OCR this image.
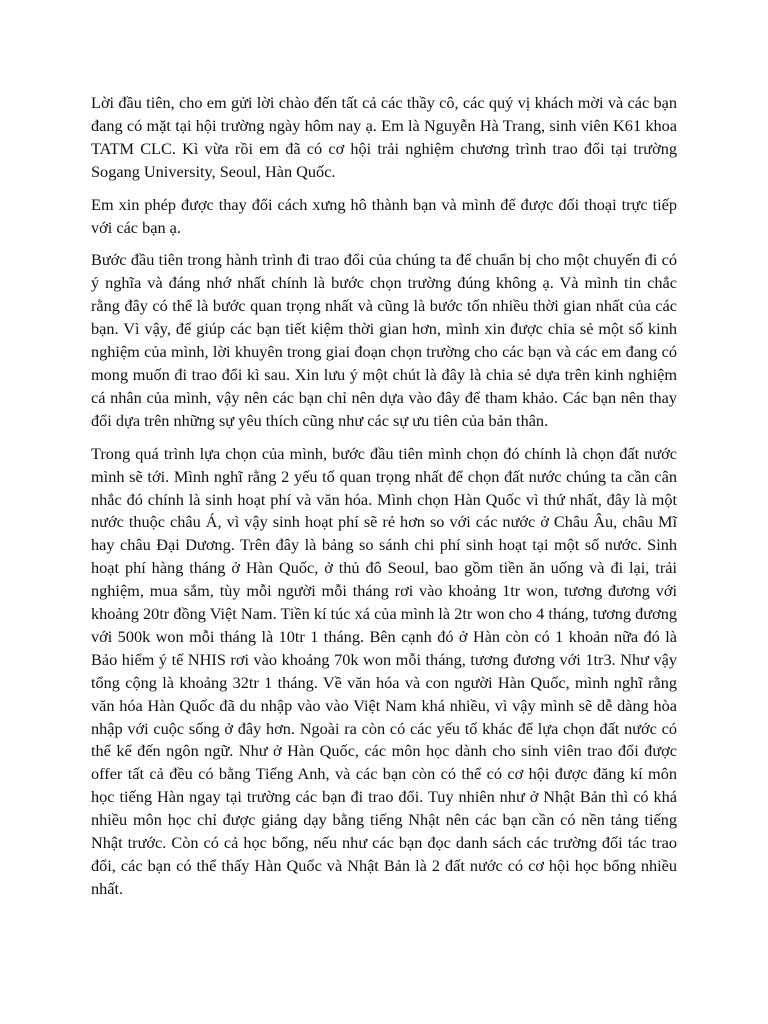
Lời đầu tiên, cho em gửi lời chào đến tất cả các thầy cô, các quý vị khách mời và các bạn đang có mặt tại hội trường ngày hôm nay ạ. Em là Nguyễn Hà Trang, sinh viên K61 khoa TATM CLC. Kì vừa rồi em đã có cơ hội trải nghiệm chương trình trao đổi tại trường Sogang University, Seoul, Hàn Quốc.

Em xin phép được thay đổi cách xưng hô thành bạn và mình để được đối thoại trực tiếp với các bạn ạ.

Bước đầu tiên trong hành trình đi trao đổi của chúng ta để chuẩn bị cho một chuyến đi có ý nghĩa và đáng nhớ nhất chính là bước chọn trường đúng không ạ. Và mình tin chắc rằng đây có thể là bước quan trọng nhất và cũng là bước tốn nhiều thời gian nhất của các bạn. Vì vậy, để giúp các bạn tiết kiệm thời gian hơn, mình xin được chia sẻ một số kinh nghiệm của mình, lời khuyên trong giai đoạn chọn trường cho các bạn và các em đang có mong muốn đi trao đổi kì sau. Xin lưu ý một chút là đây là chia sẻ dựa trên kinh nghiệm cá nhân của mình, vậy nên các bạn chỉ nên dựa vào đây để tham khảo. Các bạn nên thay đổi dựa trên những sự yêu thích cũng như các sự ưu tiên của bản thân.

Trong quá trình lựa chọn của mình, bước đầu tiên mình chọn đó chính là chọn đất nước mình sẽ tới. Mình nghĩ rằng 2 yếu tố quan trọng nhất để chọn đất nước chúng ta cần cân nhắc đó chính là sinh hoạt phí và văn hóa. Mình chọn Hàn Quốc vì thứ nhất, đây là một nước thuộc châu Á, vì vậy sinh hoạt phí sẽ rẻ hơn so với các nước ở Châu Âu, châu Mĩ hay châu Đại Dương. Trên đây là bảng so sánh chi phí sinh hoạt tại một số nước. Sinh hoạt phí hàng tháng ở Hàn Quốc, ở thủ đô Seoul, bao gồm tiền ăn uống và đi lại, trải nghiệm, mua sắm, tùy mỗi người mỗi tháng rơi vào khoảng 1tr won, tương đương với khoảng 20tr đồng Việt Nam. Tiền kí túc xá của mình là 2tr won cho 4 tháng, tương đương với 500k won mỗi tháng là 10tr 1 tháng. Bên cạnh đó ở Hàn còn có 1 khoản nữa đó là Bảo hiểm ý tế NHIS rơi vào khoảng 70k won mỗi tháng, tương đương với 1tr3. Như vậy tổng cộng là khoảng 32tr 1 tháng. Về văn hóa và con người Hàn Quốc, mình nghĩ rằng văn hóa Hàn Quốc đã du nhập vào vào Việt Nam khá nhiều, vì vậy mình sẽ dễ dàng hòa nhập với cuộc sống ở đây hơn. Ngoài ra còn có các yếu tố khác để lựa chọn đất nước có thể kể đến ngôn ngữ. Như ở Hàn Quốc, các môn học dành cho sinh viên trao đổi được offer tất cả đều có bằng Tiếng Anh, và các bạn còn có thể có cơ hội được đăng kí môn học tiếng Hàn ngay tại trường các bạn đi trao đổi. Tuy nhiên như ở Nhật Bản thì có khá nhiều môn học chỉ được giảng dạy bằng tiếng Nhật nên các bạn cần có nền tảng tiếng Nhật trước. Còn có cả học bổng, nếu như các bạn đọc danh sách các trường đối tác trao đổi, các bạn có thể thấy Hàn Quốc và Nhật Bản là 2 đất nước có cơ hội học bổng nhiều nhất.
